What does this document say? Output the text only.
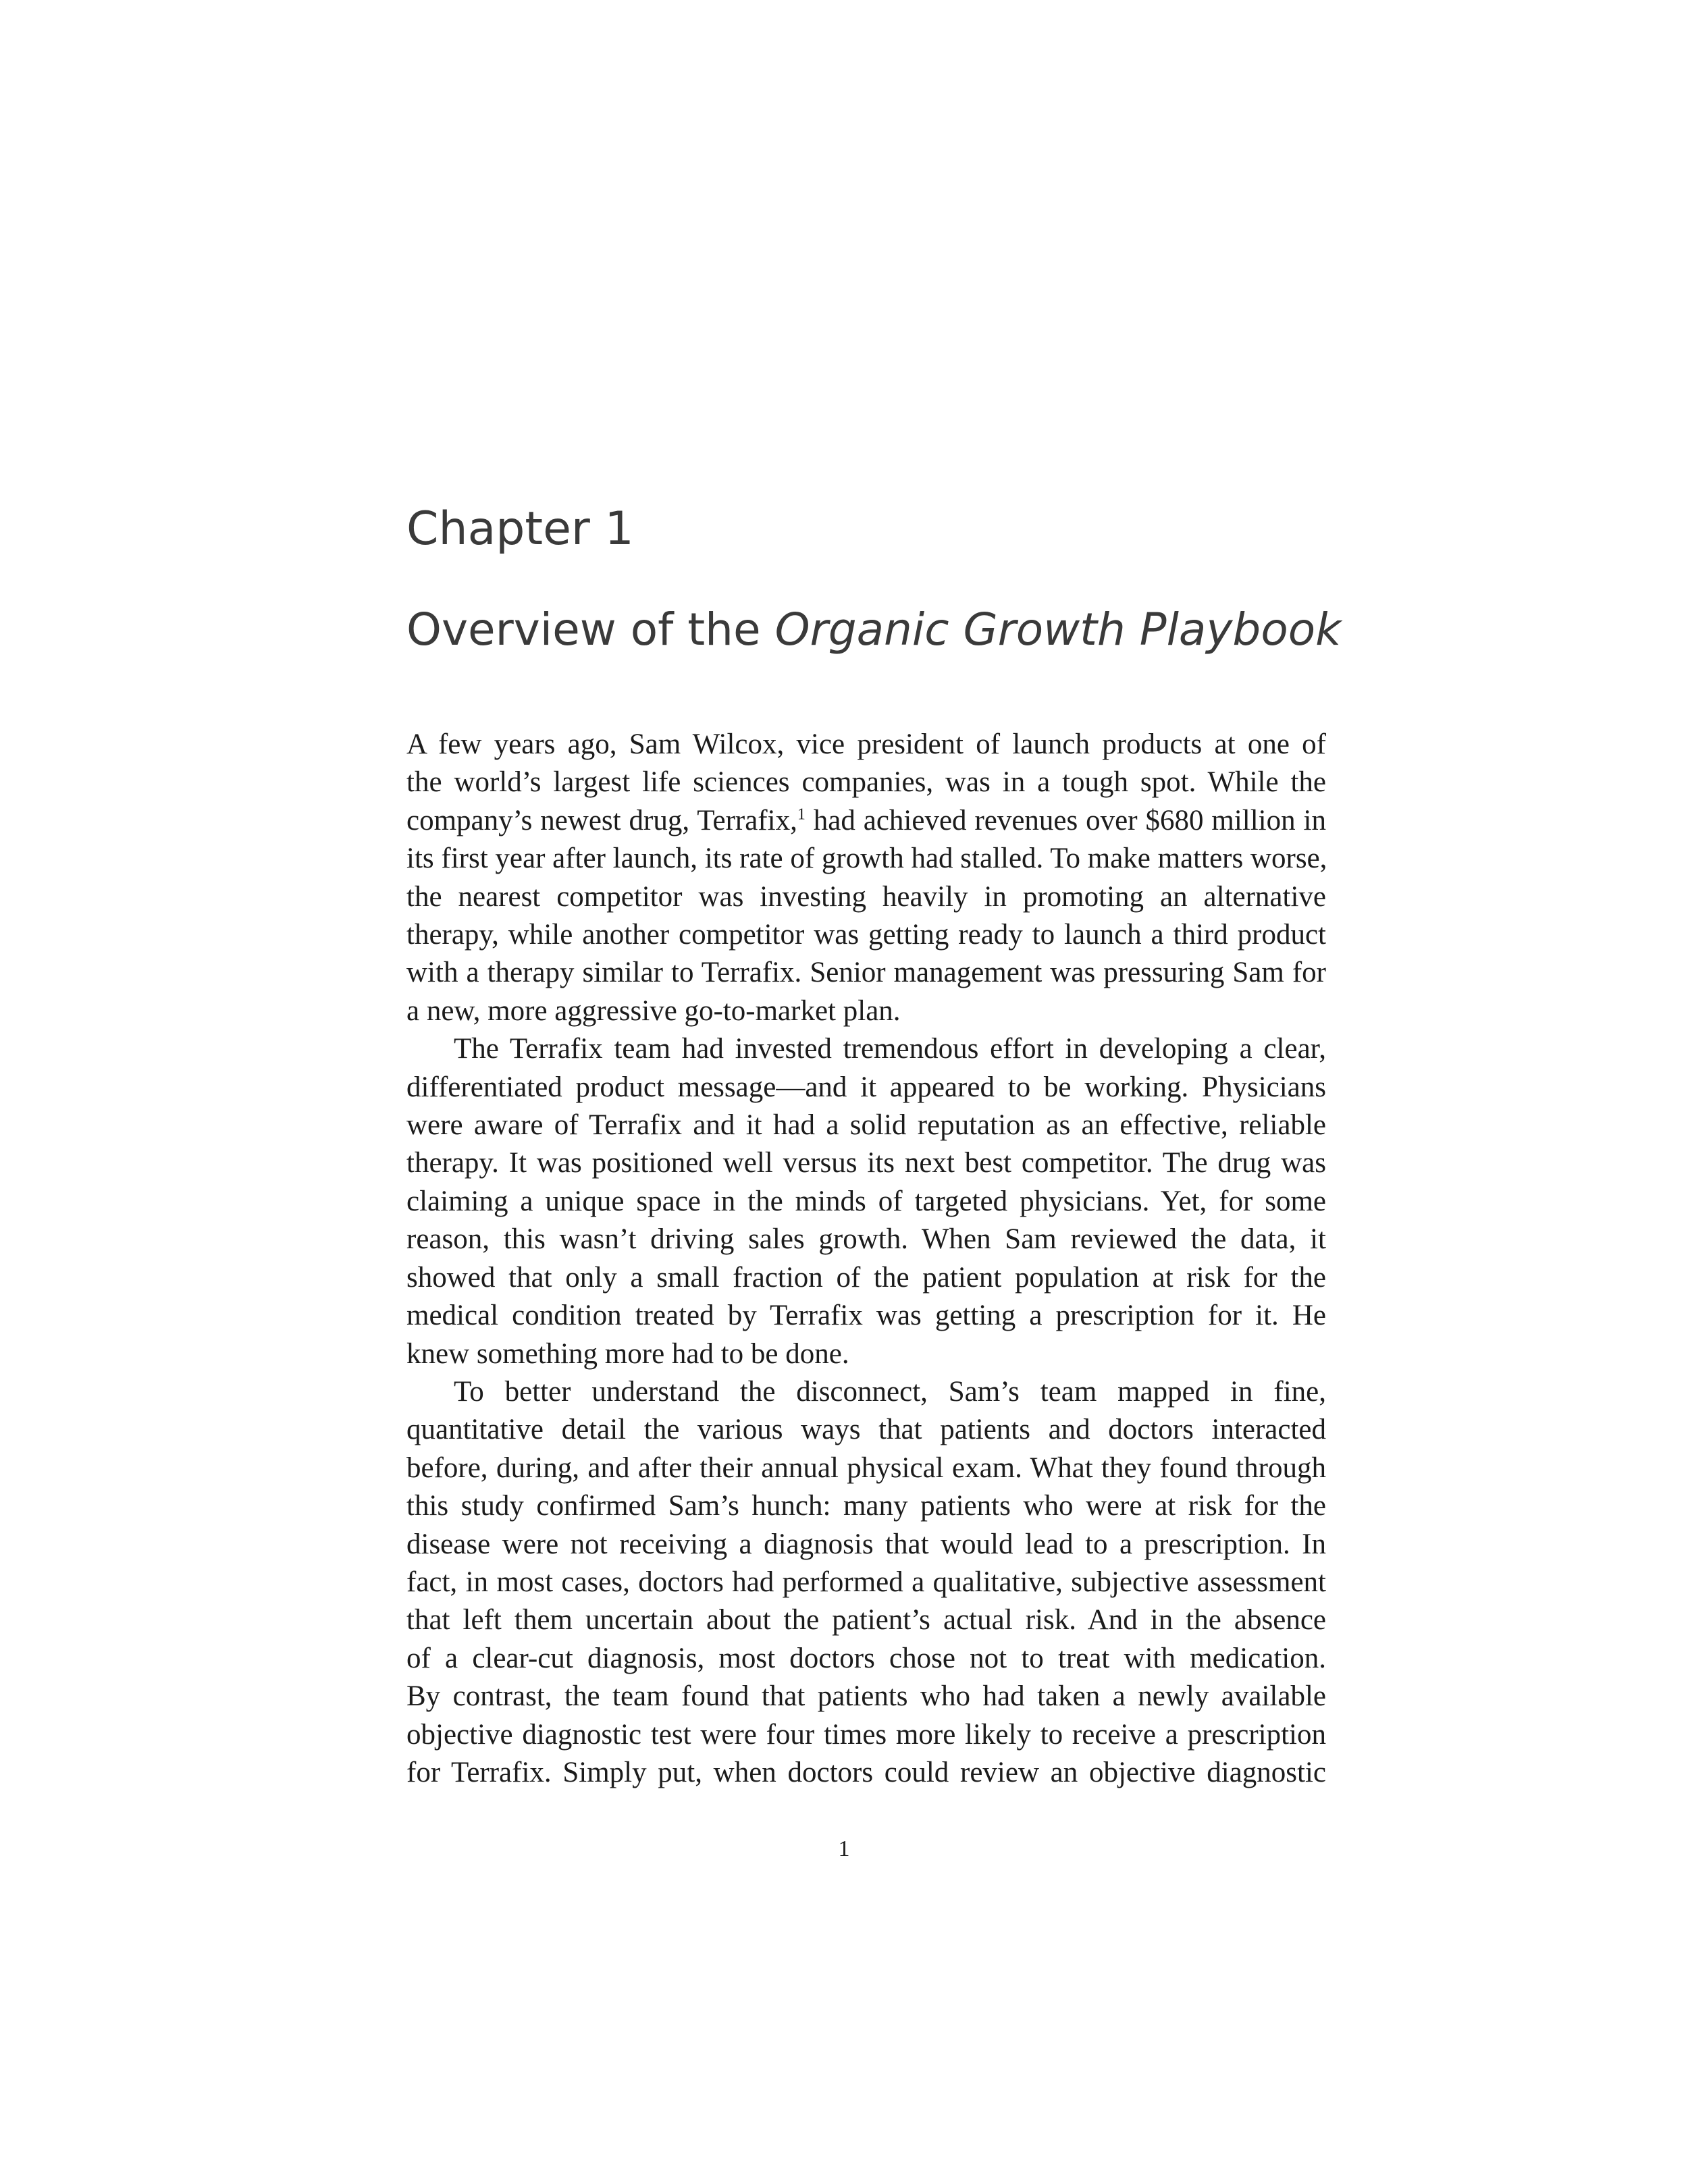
Chapter 1
Overview of the Organic Growth Playbook
A few years ago, Sam Wilcox, vice president of launch products at one of
the world’s largest life sciences companies, was in a tough spot. While the
company’s newest drug, Terrafix,$^1$ had achieved revenues over $680 million in
its first year after launch, its rate of growth had stalled. To make matters worse,
the nearest competitor was investing heavily in promoting an alternative
therapy, while another competitor was getting ready to launch a third product
with a therapy similar to Terrafix. Senior management was pressuring Sam for
a new, more aggressive go-to-market plan.
The Terrafix team had invested tremendous effort in developing a clear,
differentiated product message—and it appeared to be working. Physicians
were aware of Terrafix and it had a solid reputation as an effective, reliable
therapy. It was positioned well versus its next best competitor. The drug was
claiming a unique space in the minds of targeted physicians. Yet, for some
reason, this wasn’t driving sales growth. When Sam reviewed the data, it
showed that only a small fraction of the patient population at risk for the
medical condition treated by Terrafix was getting a prescription for it. He
knew something more had to be done.
To better understand the disconnect, Sam’s team mapped in fine,
quantitative detail the various ways that patients and doctors interacted
before, during, and after their annual physical exam. What they found through
this study confirmed Sam’s hunch: many patients who were at risk for the
disease were not receiving a diagnosis that would lead to a prescription. In
fact, in most cases, doctors had performed a qualitative, subjective assessment
that left them uncertain about the patient’s actual risk. And in the absence
of a clear-cut diagnosis, most doctors chose not to treat with medication.
By contrast, the team found that patients who had taken a newly available
objective diagnostic test were four times more likely to receive a prescription
for Terrafix. Simply put, when doctors could review an objective diagnostic

1
